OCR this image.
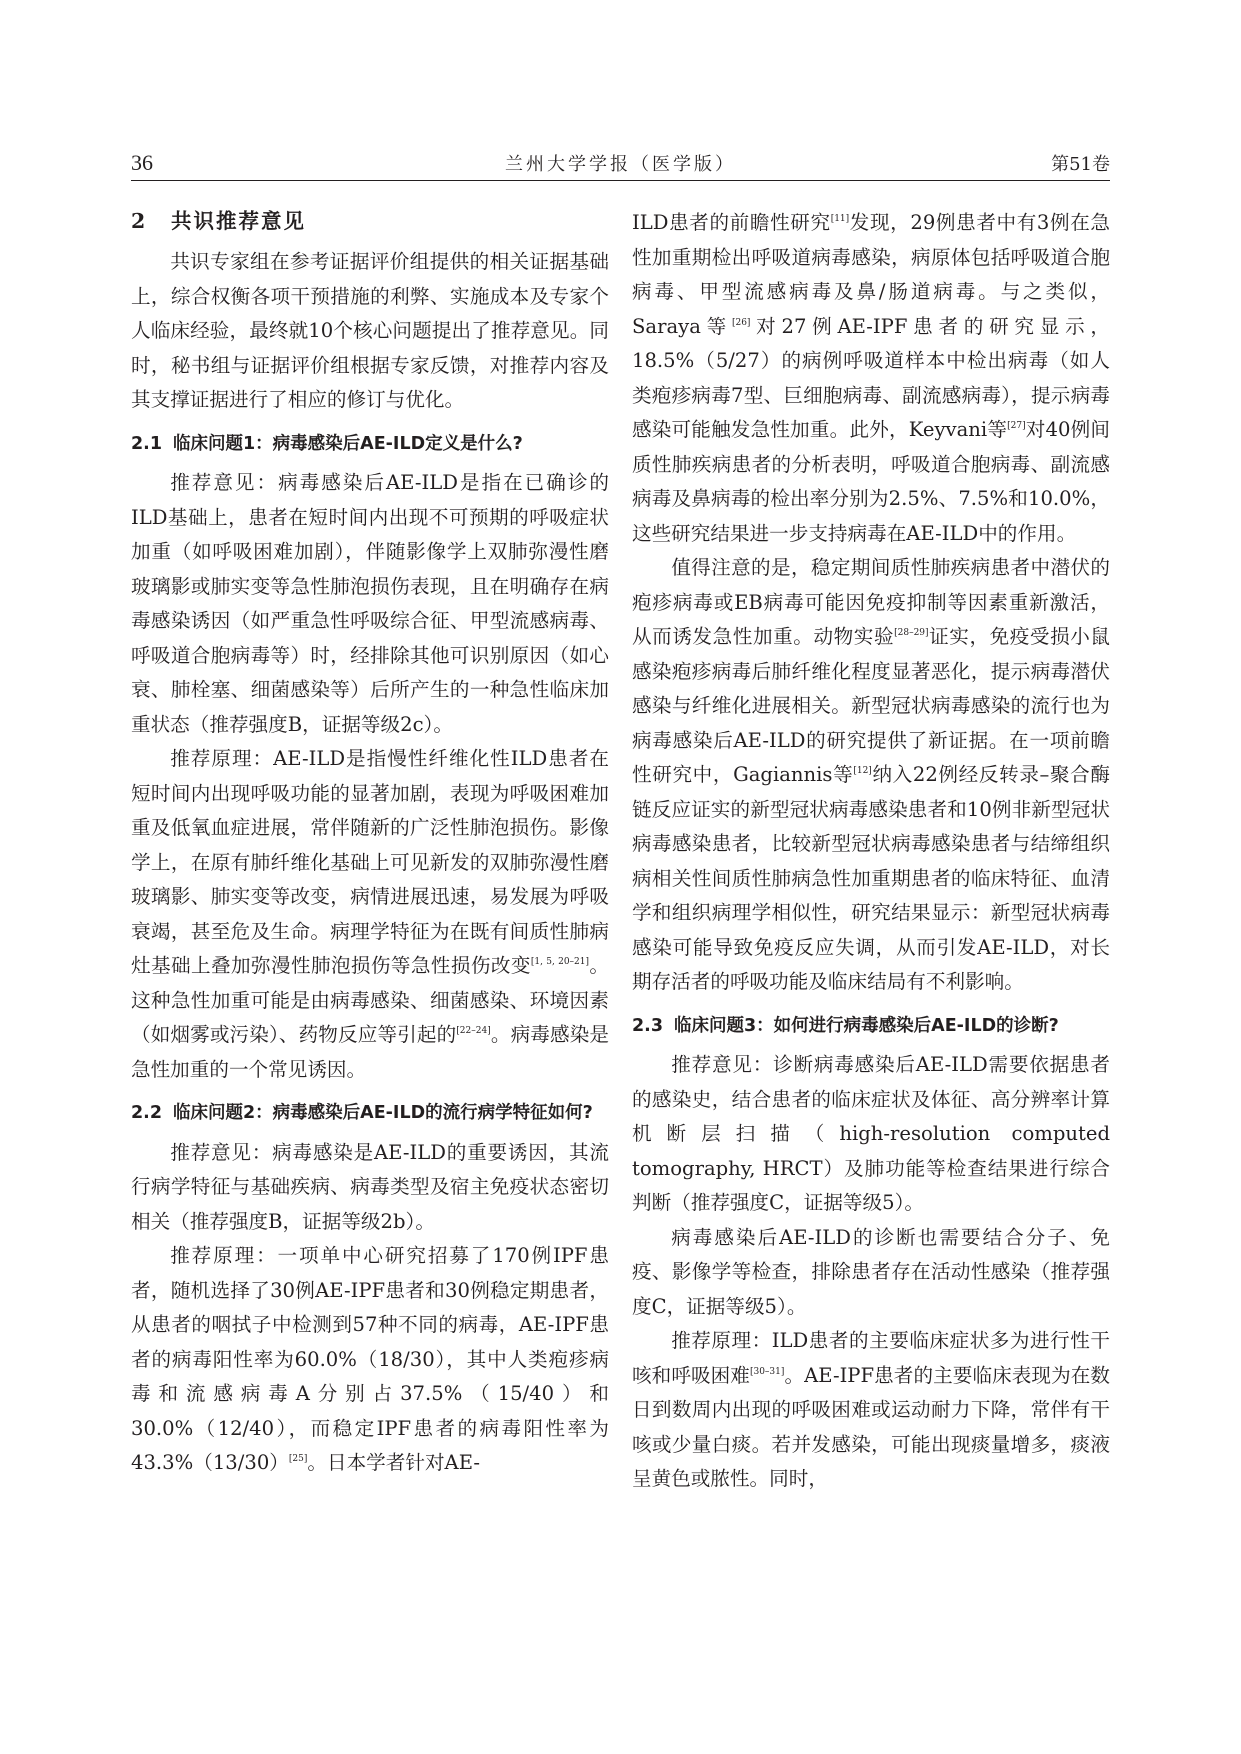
36	兰州大学学报（医学版）	第51卷
2 共识推荐意见

共识专家组在参考证据评价组提供的相关证据基础上，综合权衡各项干预措施的利弊、实施成本及专家个人临床经验，最终就10个核心问题提出了推荐意见。同时，秘书组与证据评价组根据专家反馈，对推荐内容及其支撑证据进行了相应的修订与优化。

2.1 临床问题1：病毒感染后AE-ILD定义是什么?

推荐意见：病毒感染后AE-ILD是指在已确诊的ILD基础上，患者在短时间内出现不可预期的呼吸症状加重（如呼吸困难加剧），伴随影像学上双肺弥漫性磨玻璃影或肺实变等急性肺泡损伤表现，且在明确存在病毒感染诱因（如严重急性呼吸综合征、甲型流感病毒、呼吸道合胞病毒等）时，经排除其他可识别原因（如心衰、肺栓塞、细菌感染等）后所产生的一种急性临床加重状态（推荐强度B，证据等级2c）。

推荐原理：AE-ILD是指慢性纤维化性ILD患者在短时间内出现呼吸功能的显著加剧，表现为呼吸困难加重及低氧血症进展，常伴随新的广泛性肺泡损伤。影像学上，在原有肺纤维化基础上可见新发的双肺弥漫性磨玻璃影、肺实变等改变，病情进展迅速，易发展为呼吸衰竭，甚至危及生命。病理学特征为在既有间质性肺病灶基础上叠加弥漫性肺泡损伤等急性损伤改变[1, 5, 20–21]。这种急性加重可能是由病毒感染、细菌感染、环境因素（如烟雾或污染）、药物反应等引起的[22–24]。病毒感染是急性加重的一个常见诱因。

2.2 临床问题2：病毒感染后AE-ILD的流行病学特征如何?

推荐意见：病毒感染是AE-ILD的重要诱因，其流行病学特征与基础疾病、病毒类型及宿主免疫状态密切相关（推荐强度B，证据等级2b）。

推荐原理：一项单中心研究招募了170例IPF患者，随机选择了30例AE-IPF患者和30例稳定期患者，从患者的咽拭子中检测到57种不同的病毒，AE-IPF患者的病毒阳性率为60.0%（18/30），其中人类疱疹病毒和流感病毒A分别占37.5%（15/40）和30.0%（12/40），而稳定IPF患者的病毒阳性率为43.3%（13/30）[25]。日本学者针对AE-

ILD患者的前瞻性研究[11]发现，29例患者中有3例在急性加重期检出呼吸道病毒感染，病原体包括呼吸道合胞病毒、甲型流感病毒及鼻/肠道病毒。与之类似，Saraya等[26]对27例AE-IPF患者的研究显示，18.5%（5/27）的病例呼吸道样本中检出病毒（如人类疱疹病毒7型、巨细胞病毒、副流感病毒），提示病毒感染可能触发急性加重。此外，Keyvani等[27]对40例间质性肺疾病患者的分析表明，呼吸道合胞病毒、副流感病毒及鼻病毒的检出率分别为2.5%、7.5%和10.0%，这些研究结果进一步支持病毒在AE-ILD中的作用。

值得注意的是，稳定期间质性肺疾病患者中潜伏的疱疹病毒或EB病毒可能因免疫抑制等因素重新激活，从而诱发急性加重。动物实验[28–29]证实，免疫受损小鼠感染疱疹病毒后肺纤维化程度显著恶化，提示病毒潜伏感染与纤维化进展相关。新型冠状病毒感染的流行也为病毒感染后AE-ILD的研究提供了新证据。在一项前瞻性研究中，Gagiannis等[12]纳入22例经反转录–聚合酶链反应证实的新型冠状病毒感染患者和10例非新型冠状病毒感染患者，比较新型冠状病毒感染患者与结缔组织病相关性间质性肺病急性加重期患者的临床特征、血清学和组织病理学相似性，研究结果显示：新型冠状病毒感染可能导致免疫反应失调，从而引发AE-ILD，对长期存活者的呼吸功能及临床结局有不利影响。

2.3 临床问题3：如何进行病毒感染后AE-ILD的诊断?

推荐意见：诊断病毒感染后AE-ILD需要依据患者的感染史，结合患者的临床症状及体征、高分辨率计算机断层扫描（high-resolution computed tomography, HRCT）及肺功能等检查结果进行综合判断（推荐强度C，证据等级5）。

病毒感染后AE-ILD的诊断也需要结合分子、免疫、影像学等检查，排除患者存在活动性感染（推荐强度C，证据等级5）。

推荐原理：ILD患者的主要临床症状多为进行性干咳和呼吸困难[30–31]。AE-IPF患者的主要临床表现为在数日到数周内出现的呼吸困难或运动耐力下降，常伴有干咳或少量白痰。若并发感染，可能出现痰量增多，痰液呈黄色或脓性。同时，
